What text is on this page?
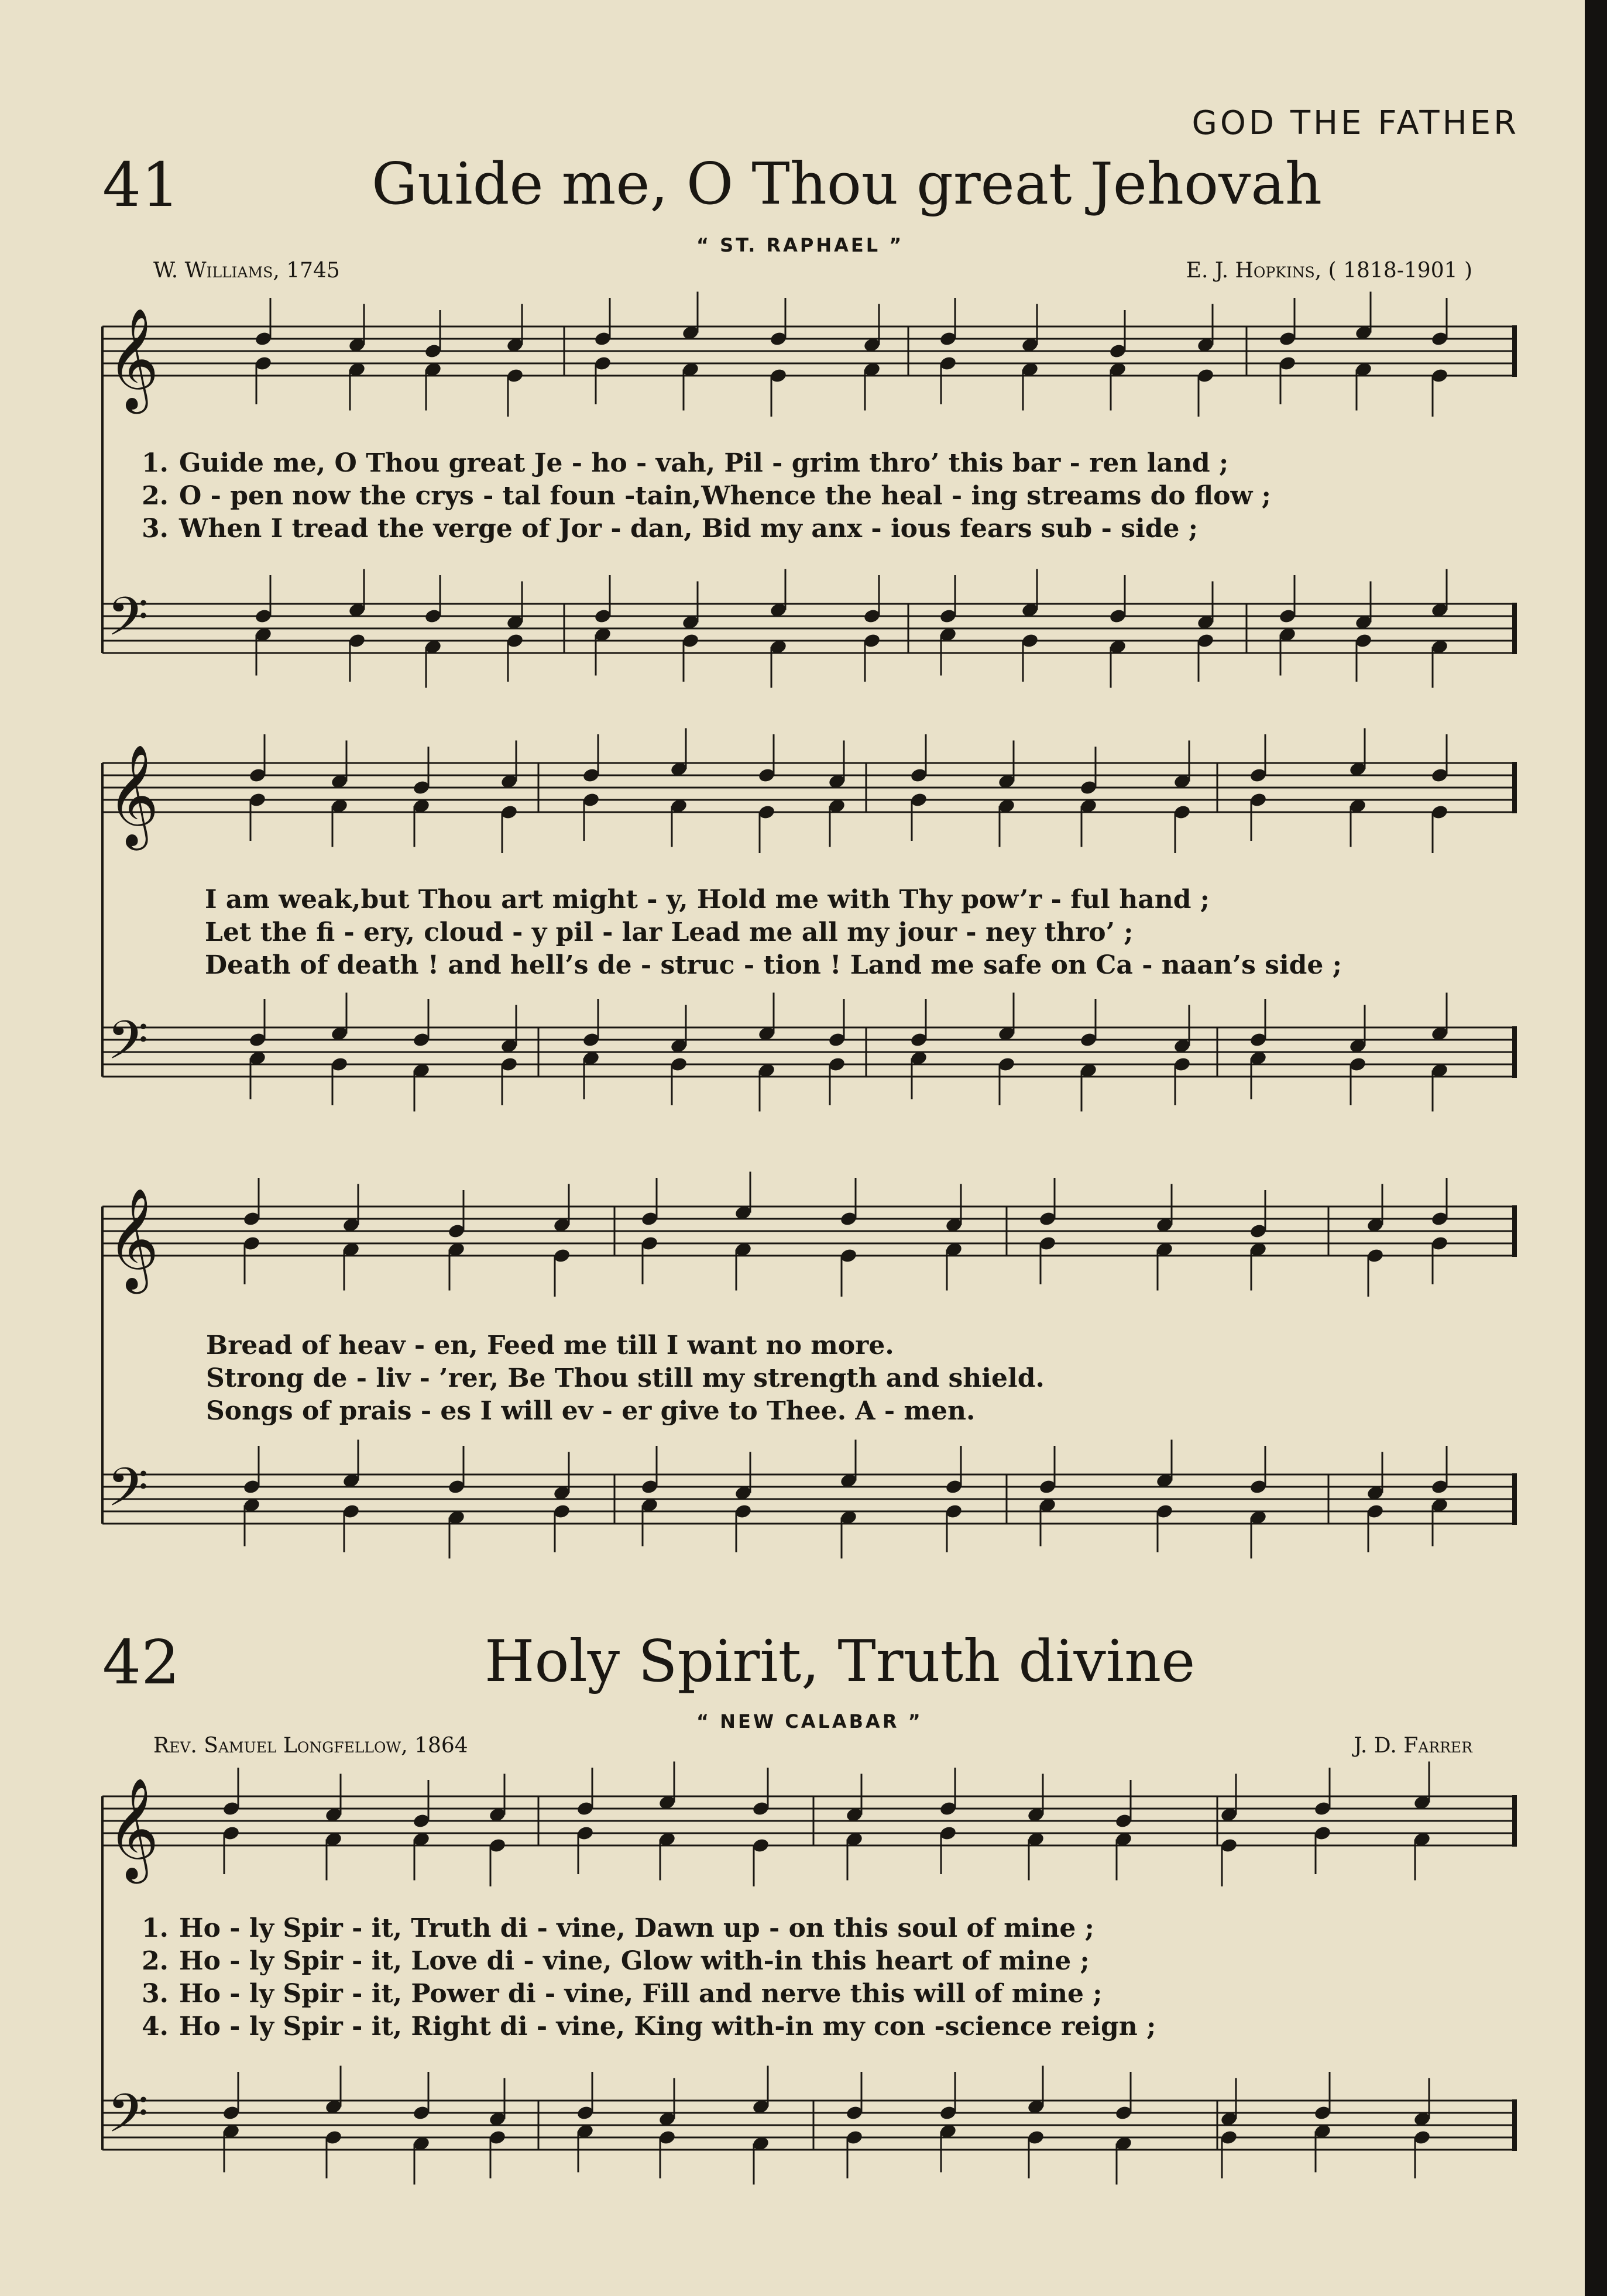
𝄞
𝄢
𝄞
𝄢
𝄞
𝄢
𝄞
𝄢

GOD THE FATHER

41	Guide me, O Thou great Jehovah

“ ST. RAPHAEL ”

W. Williams, 1745	E. J. Hopkins, ( 1818-1901 )

1. Guide me, O Thou great Je - ho - vah, Pil - grim thro’ this bar - ren land ;

2. O - pen now the crys - tal foun -tain,Whence the heal - ing streams do flow ;

3. When I tread the verge of Jor - dan, Bid my anx - ious fears sub - side ;

I am weak,but Thou art might - y, Hold me with Thy pow’r - ful hand ;

Let the fi - ery, cloud - y pil - lar Lead me all my jour - ney thro’ ;

Death of death ! and hell’s de - struc - tion ! Land me safe on Ca - naan’s side ;

Bread of heav - en, Feed me till I want no more.

Strong de - liv - ’rer, Be Thou still my strength and shield.

Songs of prais - es I will ev - er give to Thee. A - men.

42	Holy Spirit, Truth divine

“ NEW CALABAR ”

Rev. Samuel Longfellow, 1864	J. D. Farrer

1. Ho - ly Spir - it, Truth di - vine, Dawn up - on this soul of mine ;

2. Ho - ly Spir - it, Love di - vine, Glow with-in this heart of mine ;

3. Ho - ly Spir - it, Power di - vine, Fill and nerve this will of mine ;

4. Ho - ly Spir - it, Right di - vine, King with-in my con -science reign ;
